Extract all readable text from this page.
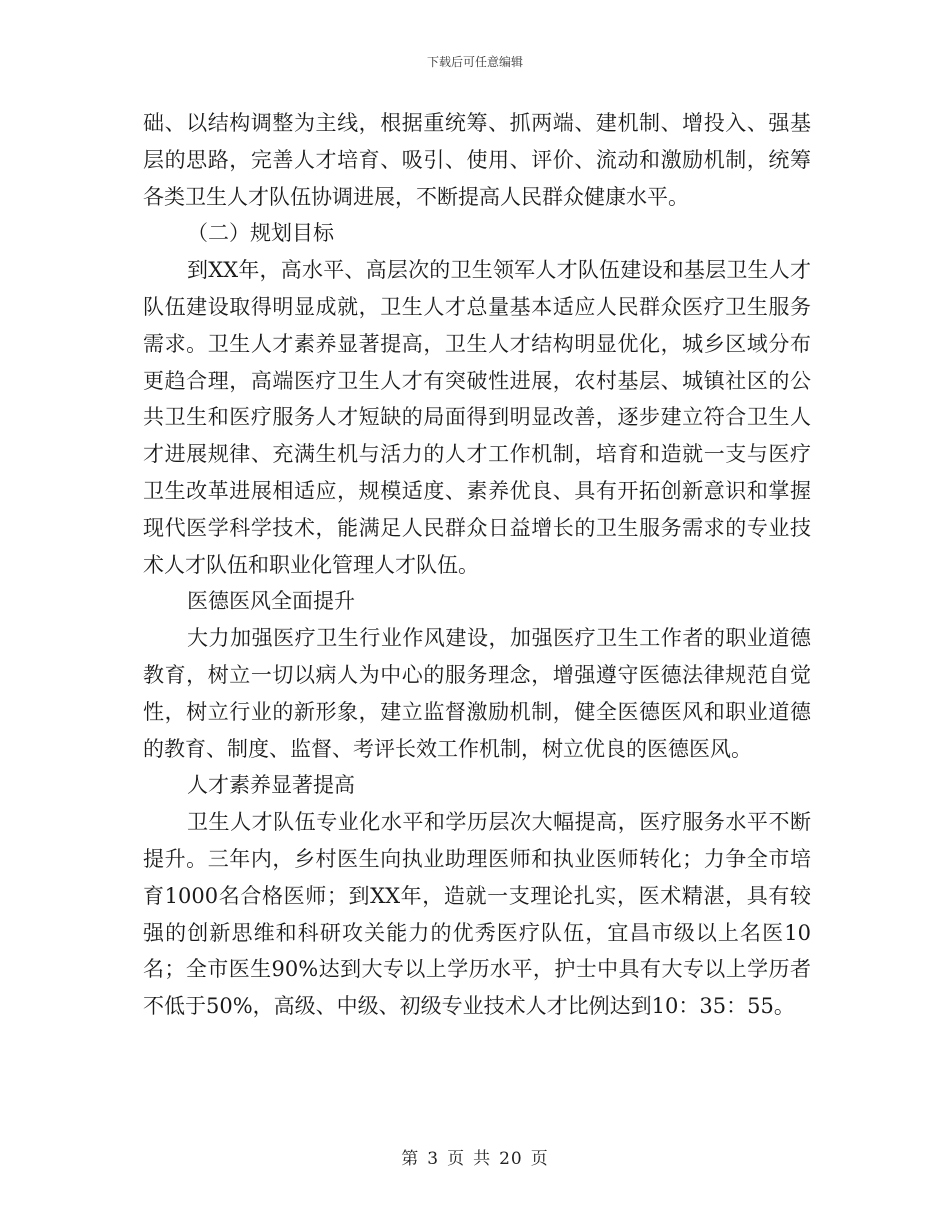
下载后可任意编辑

础、以结构调整为主线，根据重统筹、抓两端、建机制、增投入、强基层的思路，完善人才培育、吸引、使用、评价、流动和激励机制，统筹各类卫生人才队伍协调进展，不断提高人民群众健康水平。

（二）规划目标

到XX年，高水平、高层次的卫生领军人才队伍建设和基层卫生人才队伍建设取得明显成就，卫生人才总量基本适应人民群众医疗卫生服务需求。卫生人才素养显著提高，卫生人才结构明显优化，城乡区域分布更趋合理，高端医疗卫生人才有突破性进展，农村基层、城镇社区的公共卫生和医疗服务人才短缺的局面得到明显改善，逐步建立符合卫生人才进展规律、充满生机与活力的人才工作机制，培育和造就一支与医疗卫生改革进展相适应，规模适度、素养优良、具有开拓创新意识和掌握现代医学科学技术，能满足人民群众日益增长的卫生服务需求的专业技术人才队伍和职业化管理人才队伍。

医德医风全面提升

大力加强医疗卫生行业作风建设，加强医疗卫生工作者的职业道德教育，树立一切以病人为中心的服务理念，增强遵守医德法律规范自觉性，树立行业的新形象，建立监督激励机制，健全医德医风和职业道德的教育、制度、监督、考评长效工作机制，树立优良的医德医风。

人才素养显著提高

卫生人才队伍专业化水平和学历层次大幅提高，医疗服务水平不断提升。三年内，乡村医生向执业助理医师和执业医师转化；力争全市培育1000名合格医师；到XX年，造就一支理论扎实，医术精湛，具有较强的创新思维和科研攻关能力的优秀医疗队伍，宜昌市级以上名医10名；全市医生90%达到大专以上学历水平，护士中具有大专以上学历者不低于50%，高级、中级、初级专业技术人才比例达到10：35：55。

第 3 页 共 20 页
